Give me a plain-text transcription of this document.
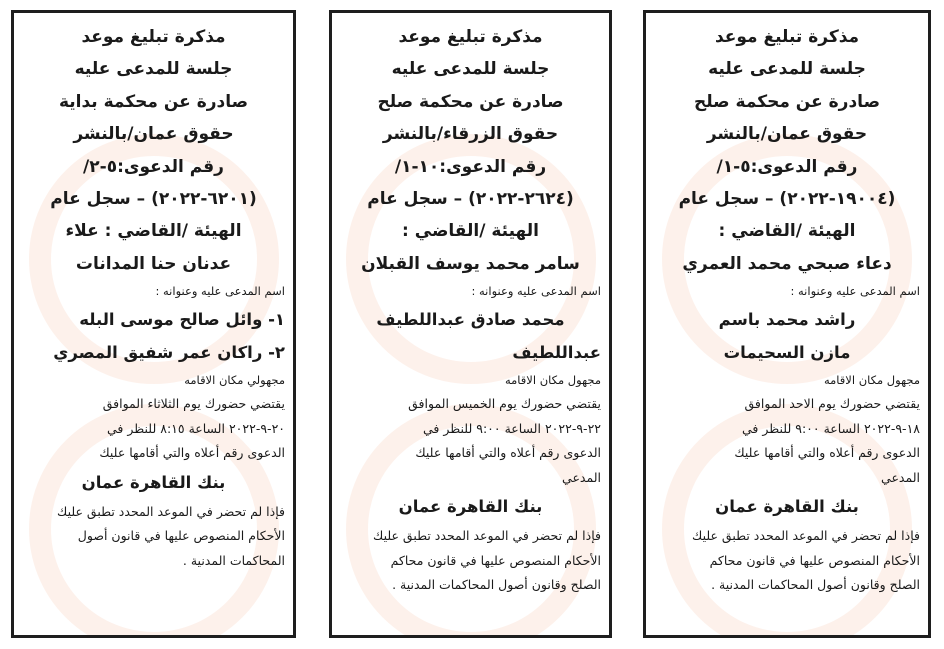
مذكرة تبليغ موعد

جلسة للمدعى عليه

صادرة عن محكمة بداية

حقوق عمان/بالنشر

رقم الدعوى:٥-٢/

(٦٢٠١-٢٠٢٢) – سجل عام

الهيئة /القاضي : علاء

عدنان حنا المدانات

اسم المدعى عليه وعنوانه :

١- وائل صالح موسى البله

٢- راكان عمر شفيق المصري

مجهولي مكان الاقامه

يقتضي حضورك يوم الثلاثاء الموافق

٢٠-٩-٢٠٢٢ الساعة ٨:١٥ للنظر في

الدعوى رقم أعلاه والتي أقامها عليك

بنك القاهرة عمان

فإذا لم تحضر في الموعد المحدد تطبق عليك

الأحكام المنصوص عليها في قانون أصول

المحاكمات المدنية .

مذكرة تبليغ موعد

جلسة للمدعى عليه

صادرة عن محكمة صلح

حقوق الزرقاء/بالنشر

رقم الدعوى:١٠-١/

(٢٦٢٤-٢٠٢٢) – سجل عام

الهيئة /القاضي :

سامر محمد يوسف القبلان

اسم المدعى عليه وعنوانه :

محمد صادق عبداللطيف

عبداللطيف

مجهول مكان الاقامه

يقتضي حضورك يوم الخميس الموافق

٢٢-٩-٢٠٢٢ الساعة ٩:٠٠ للنظر في

الدعوى رقم أعلاه والتي أقامها عليك

المدعي

بنك القاهرة عمان

فإذا لم تحضر في الموعد المحدد تطبق عليك

الأحكام المنصوص عليها في قانون محاكم

الصلح وقانون أصول المحاكمات المدنية .

مذكرة تبليغ موعد

جلسة للمدعى عليه

صادرة عن محكمة صلح

حقوق عمان/بالنشر

رقم الدعوى:٥-١/

(١٩٠٠٤-٢٠٢٢) – سجل عام

الهيئة /القاضي :

دعاء صبحي محمد العمري

اسم المدعى عليه وعنوانه :

راشد محمد باسم

مازن السحيمات

مجهول مكان الاقامه

يقتضي حضورك يوم الاحد الموافق

١٨-٩-٢٠٢٢ الساعة ٩:٠٠ للنظر في

الدعوى رقم أعلاه والتي أقامها عليك

المدعي

بنك القاهرة عمان

فإذا لم تحضر في الموعد المحدد تطبق عليك

الأحكام المنصوص عليها في قانون محاكم

الصلح وقانون أصول المحاكمات المدنية .
